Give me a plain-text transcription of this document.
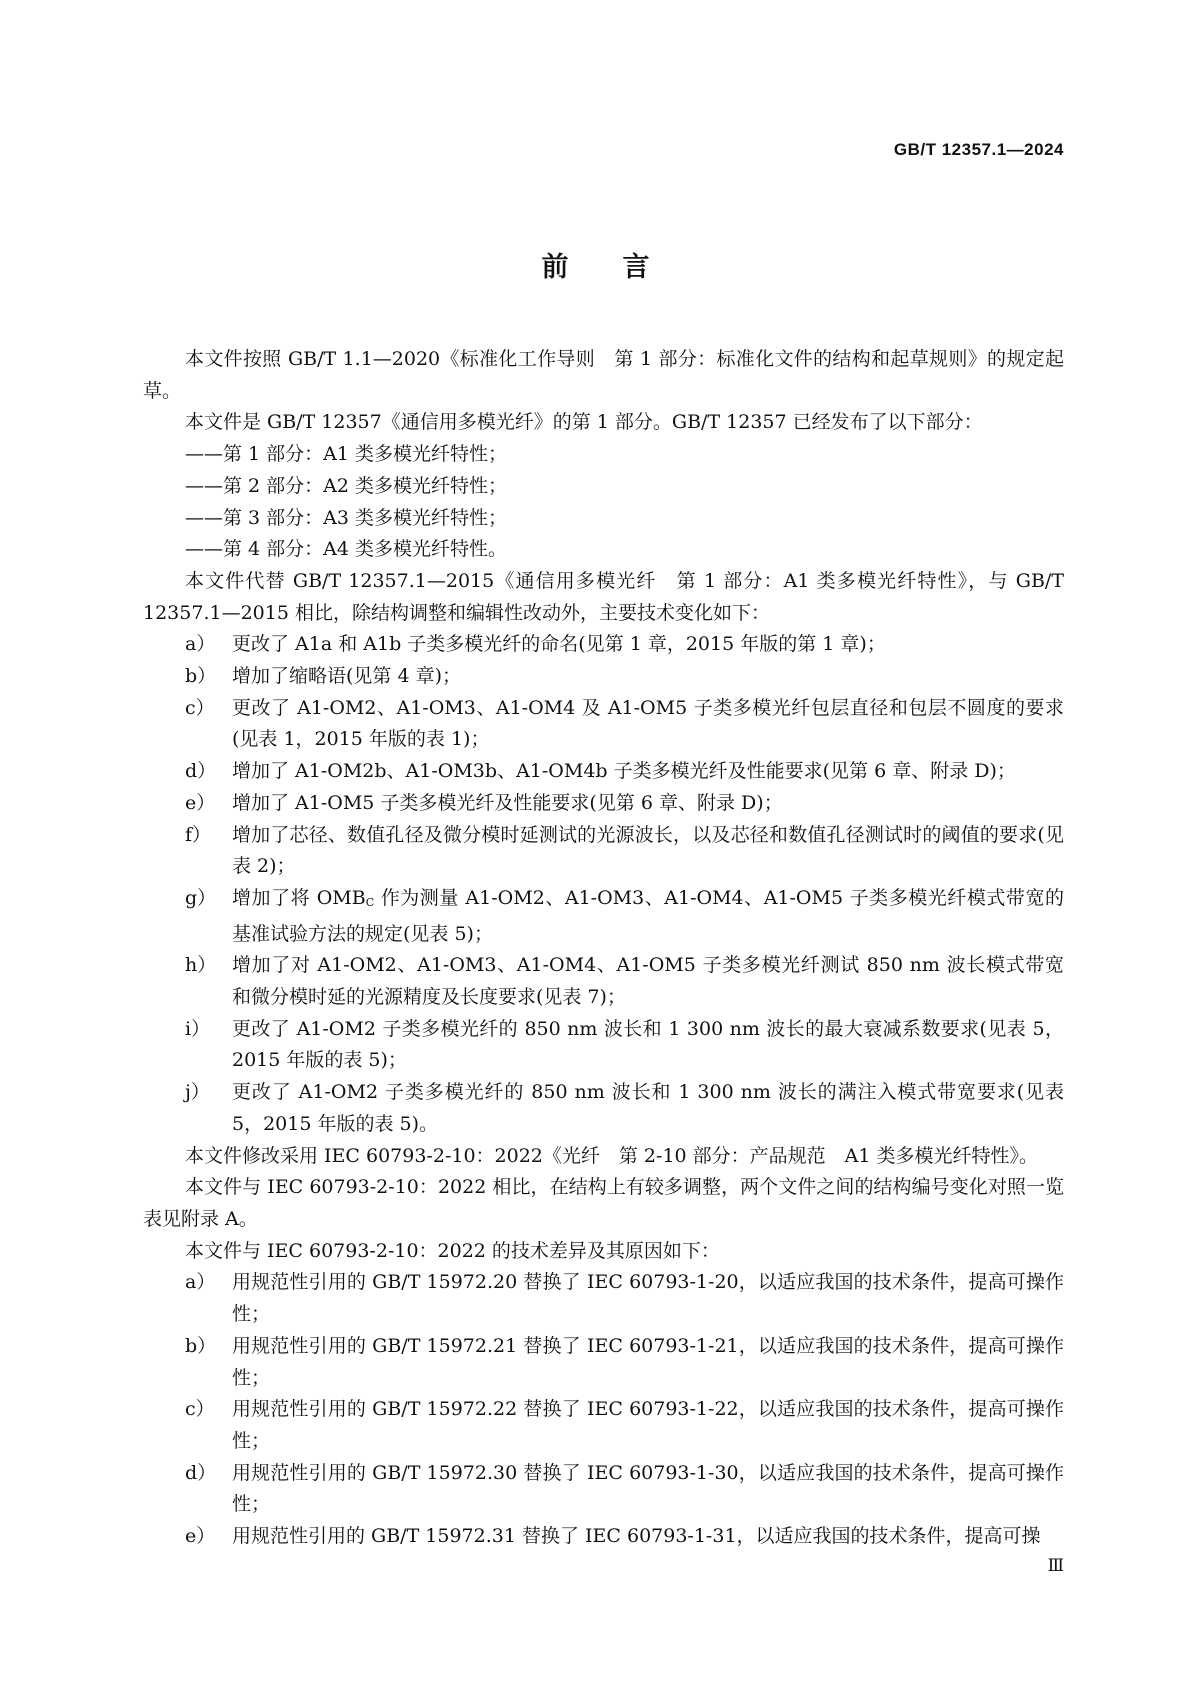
GB/T 12357.1—2024
前 言

本文件按照 GB/T 1.1—2020《标准化工作导则　第 1 部分：标准化文件的结构和起草规则》的规定起草。

本文件是 GB/T 12357《通信用多模光纤》的第 1 部分。GB/T 12357 已经发布了以下部分：

——第 1 部分：A1 类多模光纤特性；

——第 2 部分：A2 类多模光纤特性；

——第 3 部分：A3 类多模光纤特性；

——第 4 部分：A4 类多模光纤特性。

本文件代替 GB/T 12357.1—2015《通信用多模光纤　第 1 部分：A1 类多模光纤特性》，与 GB/T 12357.1—2015 相比，除结构调整和编辑性改动外，主要技术变化如下：

a） 更改了 A1a 和 A1b 子类多模光纤的命名(见第 1 章，2015 年版的第 1 章)；
b） 增加了缩略语(见第 4 章)；
c） 更改了 A1-OM2、A1-OM3、A1-OM4 及 A1-OM5 子类多模光纤包层直径和包层不圆度的要求(见表 1，2015 年版的表 1)；
d） 增加了 A1-OM2b、A1-OM3b、A1-OM4b 子类多模光纤及性能要求(见第 6 章、附录 D)；
e） 增加了 A1-OM5 子类多模光纤及性能要求(见第 6 章、附录 D)；
f）	增加了芯径、数值孔径及微分模时延测试的光源波长，以及芯径和数值孔径测试时的阈值的要求(见表 2)；
g） 增加了将 $OMB_C$ 作为测量 A1-OM2、A1-OM3、A1-OM4、A1-OM5 子类多模光纤模式带宽的基准试验方法的规定(见表 5)；
h） 增加了对 A1-OM2、A1-OM3、A1-OM4、A1-OM5 子类多模光纤测试 850 nm 波长模式带宽和微分模时延的光源精度及长度要求(见表 7)；
i）	更改了 A1-OM2 子类多模光纤的 850 nm 波长和 1 300 nm 波长的最大衰减系数要求(见表 5，2015 年版的表 5)；
j）	更改了 A1-OM2 子类多模光纤的 850 nm 波长和 1 300 nm 波长的满注入模式带宽要求(见表 5，2015 年版的表 5)。

本文件修改采用 IEC 60793-2-10：2022《光纤　第 2-10 部分：产品规范　A1 类多模光纤特性》。

本文件与 IEC 60793-2-10：2022 相比，在结构上有较多调整，两个文件之间的结构编号变化对照一览表见附录 A。

本文件与 IEC 60793-2-10：2022 的技术差异及其原因如下：

a） 用规范性引用的 GB/T 15972.20 替换了 IEC 60793-1-20，以适应我国的技术条件，提高可操作性；
b） 用规范性引用的 GB/T 15972.21 替换了 IEC 60793-1-21，以适应我国的技术条件，提高可操作性；
c） 用规范性引用的 GB/T 15972.22 替换了 IEC 60793-1-22，以适应我国的技术条件，提高可操作性；
d） 用规范性引用的 GB/T 15972.30 替换了 IEC 60793-1-30，以适应我国的技术条件，提高可操作性；
e） 用规范性引用的 GB/T 15972.31 替换了 IEC 60793-1-31，以适应我国的技术条件，提高可操
Ⅲ
